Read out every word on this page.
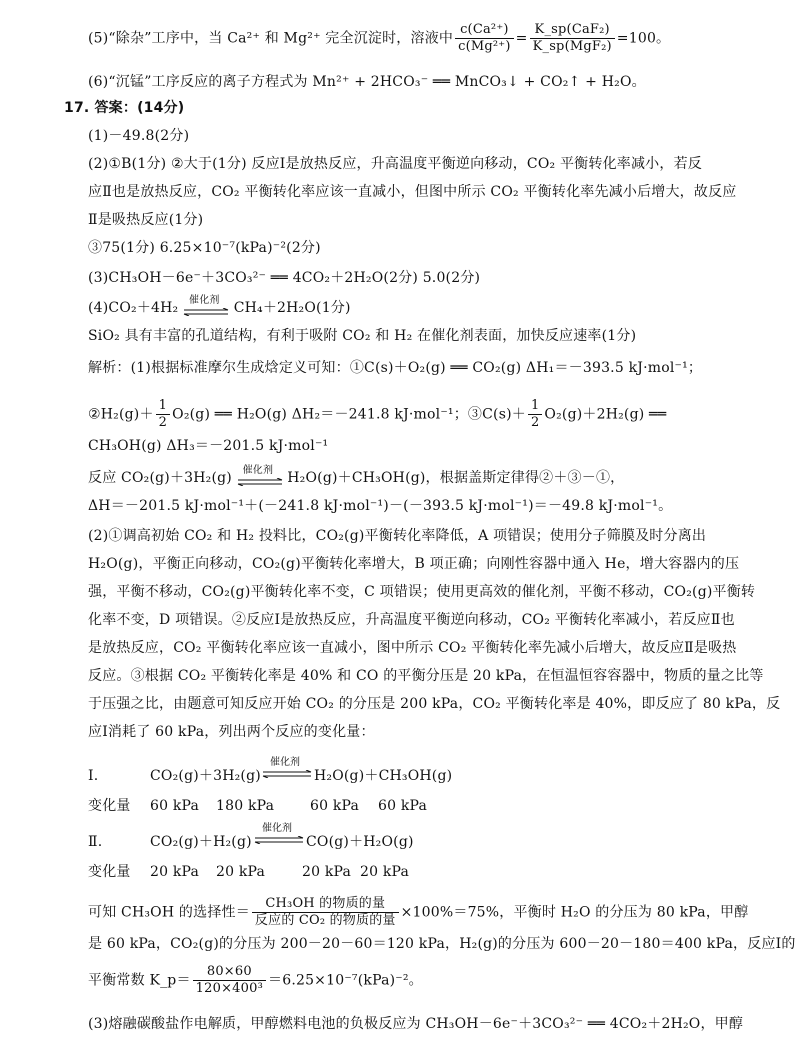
(5)“除杂”工序中，当 Ca²⁺ 和 Mg²⁺ 完全沉淀时，溶液中 $\frac{\text{c(Ca²⁺)}}{\text{c(Mg²⁺)}} = \frac{\text{K\_sp(CaF₂)}}{\text{K\_sp(MgF₂)}} =100$。
(6)“沉锰”工序反应的离子方程式为 Mn²⁺ + 2HCO₃⁻ ══ MnCO₃↓ + CO₂↑ + H₂O。
17. 答案：(14分)
(1)－49.8(2分)
(2)①B(1分) ②大于(1分) 反应Ⅰ是放热反应，升高温度平衡逆向移动，CO₂ 平衡转化率减小，若反
应Ⅱ也是放热反应，CO₂ 平衡转化率应该一直减小，但图中所示 CO₂ 平衡转化率先减小后增大，故反应
Ⅱ是吸热反应(1分)
③75(1分) 6.25×10⁻⁷(kPa)⁻²(2分)
(3)CH₃OH－6e⁻＋3CO₃²⁻ ══ 4CO₂＋2H₂O(2分) 5.0(2分)
(4)CO₂＋4H₂ 催化剂 CH₄＋2H₂O(1分)
SiO₂ 具有丰富的孔道结构，有利于吸附 CO₂ 和 H₂ 在催化剂表面，加快反应速率(1分)
解析：(1)根据标准摩尔生成焓定义可知：①C(s)＋O₂(g) ══ CO₂(g) ΔH₁＝－393.5 kJ·mol⁻¹；
②H₂(g)＋ $\frac{1}{2} O_2(g)$ ══ H₂O(g) ΔH₂＝－241.8 kJ·mol⁻¹；③C(s)＋ $\frac{1}{2} O_2(g)+2H_2(g)$ ══
CH₃OH(g) ΔH₃＝－201.5 kJ·mol⁻¹
反应 CO₂(g)＋3H₂(g) 催化剂 H₂O(g)＋CH₃OH(g)，根据盖斯定律得②＋③－①，
ΔH＝－201.5 kJ·mol⁻¹＋(－241.8 kJ·mol⁻¹)－(－393.5 kJ·mol⁻¹)＝－49.8 kJ·mol⁻¹。
(2)①调高初始 CO₂ 和 H₂ 投料比，CO₂(g)平衡转化率降低，A 项错误；使用分子筛膜及时分离出
H₂O(g)，平衡正向移动，CO₂(g)平衡转化率增大，B 项正确；向刚性容器中通入 He，增大容器内的压
强，平衡不移动，CO₂(g)平衡转化率不变，C 项错误；使用更高效的催化剂，平衡不移动，CO₂(g)平衡转
化率不变，D 项错误。②反应Ⅰ是放热反应，升高温度平衡逆向移动，CO₂ 平衡转化率减小，若反应Ⅱ也
是放热反应，CO₂ 平衡转化率应该一直减小，图中所示 CO₂ 平衡转化率先减小后增大，故反应Ⅱ是吸热
反应。③根据 CO₂ 平衡转化率是 40% 和 CO 的平衡分压是 20 kPa，在恒温恒容容器中，物质的量之比等
于压强之比，由题意可知反应开始 CO₂ 的分压是 200 kPa，CO₂ 平衡转化率是 40%，即反应了 80 kPa，反
应Ⅰ消耗了 60 kPa，列出两个反应的变化量：
Ⅰ.	CO₂(g)＋3H₂(g)
催化剂
H₂O(g)＋CH₃OH(g)
变化量 60 kPa 180 kPa	60 kPa 60 kPa
Ⅱ.	CO₂(g)＋H₂(g)
催化剂
CO(g)＋H₂O(g)
变化量 20 kPa 20 kPa	20 kPa 20 kPa
可知 CH₃OH 的选择性＝ $\frac{\text{CH₃OH 的物质的量}}{\text{反应的 CO₂ 的物质的量}} \times 100\%=75\%$，平衡时 H₂O 的分压为 80 kPa，甲醇
是 60 kPa，CO₂(g)的分压为 200－20－60＝120 kPa，H₂(g)的分压为 600－20－180＝400 kPa，反应Ⅰ的
平衡常数 K_p＝ $\frac{80\times 60}{\text{120×400³}} =6.25\times 10^{-7}(kPa)^{-2}$。
(3)熔融碳酸盐作电解质，甲醇燃料电池的负极反应为 CH₃OH－6e⁻＋3CO₃²⁻ ══ 4CO₂＋2H₂O，甲醇
